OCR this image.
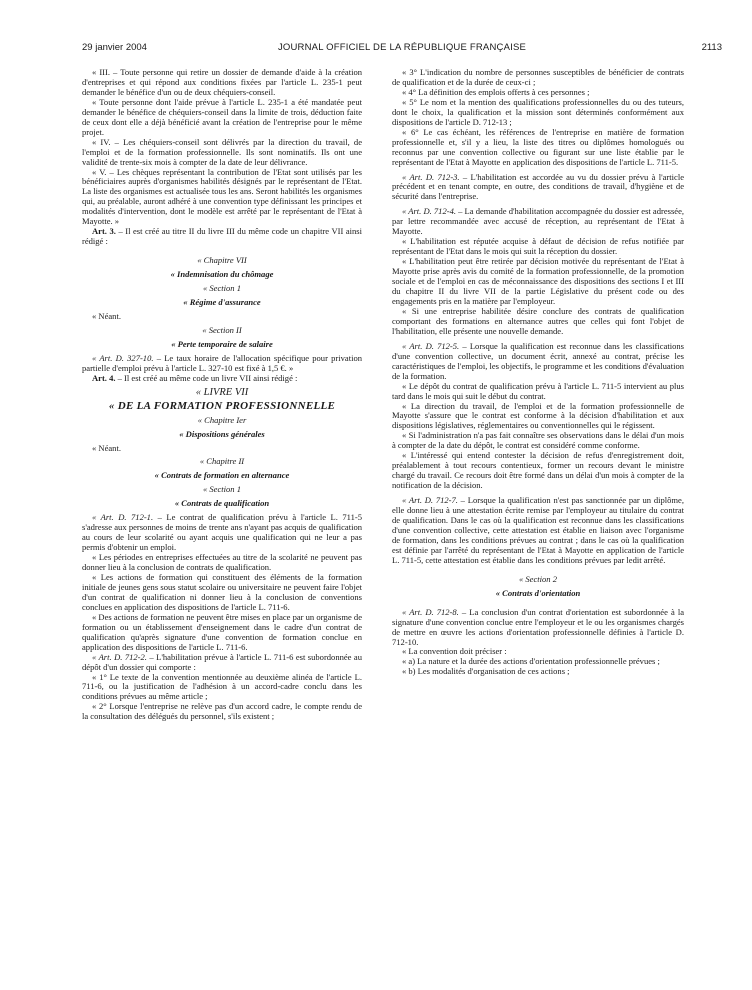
29 janvier 2004	JOURNAL OFFICIEL DE LA RÉPUBLIQUE FRANÇAISE	2113

« III. – Toute personne qui retire un dossier de demande d'aide à la création d'entreprises et qui répond aux conditions fixées par l'article L. 235-1 peut demander le bénéfice d'un ou de deux chéquiers-conseil.

« Toute personne dont l'aide prévue à l'article L. 235-1 a été mandatée peut demander le bénéfice de chéquiers-conseil dans la limite de trois, déduction faite de ceux dont elle a déjà bénéficié avant la création de l'entreprise pour le même projet.

« IV. – Les chéquiers-conseil sont délivrés par la direction du travail, de l'emploi et de la formation professionnelle. Ils sont nominatifs. Ils ont une validité de trente-six mois à compter de la date de leur délivrance.

« V. – Les chèques représentant la contribution de l'Etat sont utilisés par les bénéficiaires auprès d'organismes habilités désignés par le représentant de l'Etat. La liste des organismes est actualisée tous les ans. Seront habilités les organismes qui, au préalable, auront adhéré à une convention type définissant les principes et modalités d'intervention, dont le modèle est arrêté par le représentant de l'Etat à Mayotte. »

Art. 3. – Il est créé au titre II du livre III du même code un chapitre VII ainsi rédigé :

« Chapitre VII

« Indemnisation du chômage

« Section 1

« Régime d'assurance

« Néant.

« Section II

« Perte temporaire de salaire

« Art. D. 327-10. – Le taux horaire de l'allocation spécifique pour privation partielle d'emploi prévu à l'article L. 327-10 est fixé à 1,5 €. »

Art. 4. – Il est créé au même code un livre VII ainsi rédigé :

« LIVRE VII

« DE LA FORMATION PROFESSIONNELLE

« Chapitre Ier

« Dispositions générales

« Néant.

« Chapitre II

« Contrats de formation en alternance

« Section 1

« Contrats de qualification

« Art. D. 712-1. – Le contrat de qualification prévu à l'article L. 711-5 s'adresse aux personnes de moins de trente ans n'ayant pas acquis de qualification au cours de leur scolarité ou ayant acquis une qualification qui ne leur a pas permis d'obtenir un emploi.

« Les périodes en entreprises effectuées au titre de la scolarité ne peuvent pas donner lieu à la conclusion de contrats de qualification.

« Les actions de formation qui constituent des éléments de la formation initiale de jeunes gens sous statut scolaire ou universitaire ne peuvent faire l'objet d'un contrat de qualification ni donner lieu à la conclusion de conventions conclues en application des dispositions de l'article L. 711-6.

« Des actions de formation ne peuvent être mises en place par un organisme de formation ou un établissement d'enseignement dans le cadre d'un contrat de qualification qu'après signature d'une convention de formation conclue en application des dispositions de l'article L. 711-6.

« Art. D. 712-2. – L'habilitation prévue à l'article L. 711-6 est subordonnée au dépôt d'un dossier qui comporte :

« 1° Le texte de la convention mentionnée au deuxième alinéa de l'article L. 711-6, ou la justification de l'adhésion à un accord-cadre conclu dans les conditions prévues au même article ;

« 2° Lorsque l'entreprise ne relève pas d'un accord cadre, le compte rendu de la consultation des délégués du personnel, s'ils existent ;

« 3° L'indication du nombre de personnes susceptibles de bénéficier de contrats de qualification et de la durée de ceux-ci ;

« 4° La définition des emplois offerts à ces personnes ;

« 5° Le nom et la mention des qualifications professionnelles du ou des tuteurs, dont le choix, la qualification et la mission sont déterminés conformément aux dispositions de l'article D. 712-13 ;

« 6° Le cas échéant, les références de l'entreprise en matière de formation professionnelle et, s'il y a lieu, la liste des titres ou diplômes homologués ou reconnus par une convention collective ou figurant sur une liste établie par le représentant de l'Etat à Mayotte en application des dispositions de l'article L. 711-5.

« Art. D. 712-3. – L'habilitation est accordée au vu du dossier prévu à l'article précédent et en tenant compte, en outre, des conditions de travail, d'hygiène et de sécurité dans l'entreprise.

« Art. D. 712-4. – La demande d'habilitation accompagnée du dossier est adressée, par lettre recommandée avec accusé de réception, au représentant de l'Etat à Mayotte.

« L'habilitation est réputée acquise à défaut de décision de refus notifiée par représentant de l'Etat dans le mois qui suit la réception du dossier.

« L'habilitation peut être retirée par décision motivée du représentant de l'Etat à Mayotte prise après avis du comité de la formation professionnelle, de la promotion sociale et de l'emploi en cas de méconnaissance des dispositions des sections I et III du chapitre II du livre VII de la partie Législative du présent code ou des engagements pris en la matière par l'employeur.

« Si une entreprise habilitée désire conclure des contrats de qualification comportant des formations en alternance autres que celles qui font l'objet de l'habilitation, elle présente une nouvelle demande.

« Art. D. 712-5. – Lorsque la qualification est reconnue dans les classifications d'une convention collective, un document écrit, annexé au contrat, précise les caractéristiques de l'emploi, les objectifs, le programme et les conditions d'évaluation de la formation.

« Le dépôt du contrat de qualification prévu à l'article L. 711-5 intervient au plus tard dans le mois qui suit le début du contrat.

« La direction du travail, de l'emploi et de la formation professionnelle de Mayotte s'assure que le contrat est conforme à la décision d'habilitation et aux dispositions législatives, réglementaires ou conventionnelles qui le régissent.

« Si l'administration n'a pas fait connaître ses observations dans le délai d'un mois à compter de la date du dépôt, le contrat est considéré comme conforme.

« L'intéressé qui entend contester la décision de refus d'enregistrement doit, préalablement à tout recours contentieux, former un recours devant le ministre chargé du travail. Ce recours doit être formé dans un délai d'un mois à compter de la notification de la décision.

« Art. D. 712-7. – Lorsque la qualification n'est pas sanctionnée par un diplôme, elle donne lieu à une attestation écrite remise par l'employeur au titulaire du contrat de qualification. Dans le cas où la qualification est reconnue dans les classifications d'une convention collective, cette attestation est établie en liaison avec l'organisme de formation, dans les conditions prévues au contrat ; dans le cas où la qualification est définie par l'arrêté du représentant de l'Etat à Mayotte en application de l'article L. 711-5, cette attestation est établie dans les conditions prévues par ledit arrêté.

« Section 2

« Contrats d'orientation

« Art. D. 712-8. – La conclusion d'un contrat d'orientation est subordonnée à la signature d'une convention conclue entre l'employeur et le ou les organismes chargés de mettre en œuvre les actions d'orientation professionnelle définies à l'article D. 712-10.

« La convention doit préciser :

« a) La nature et la durée des actions d'orientation professionnelle prévues ;

« b) Les modalités d'organisation de ces actions ;
